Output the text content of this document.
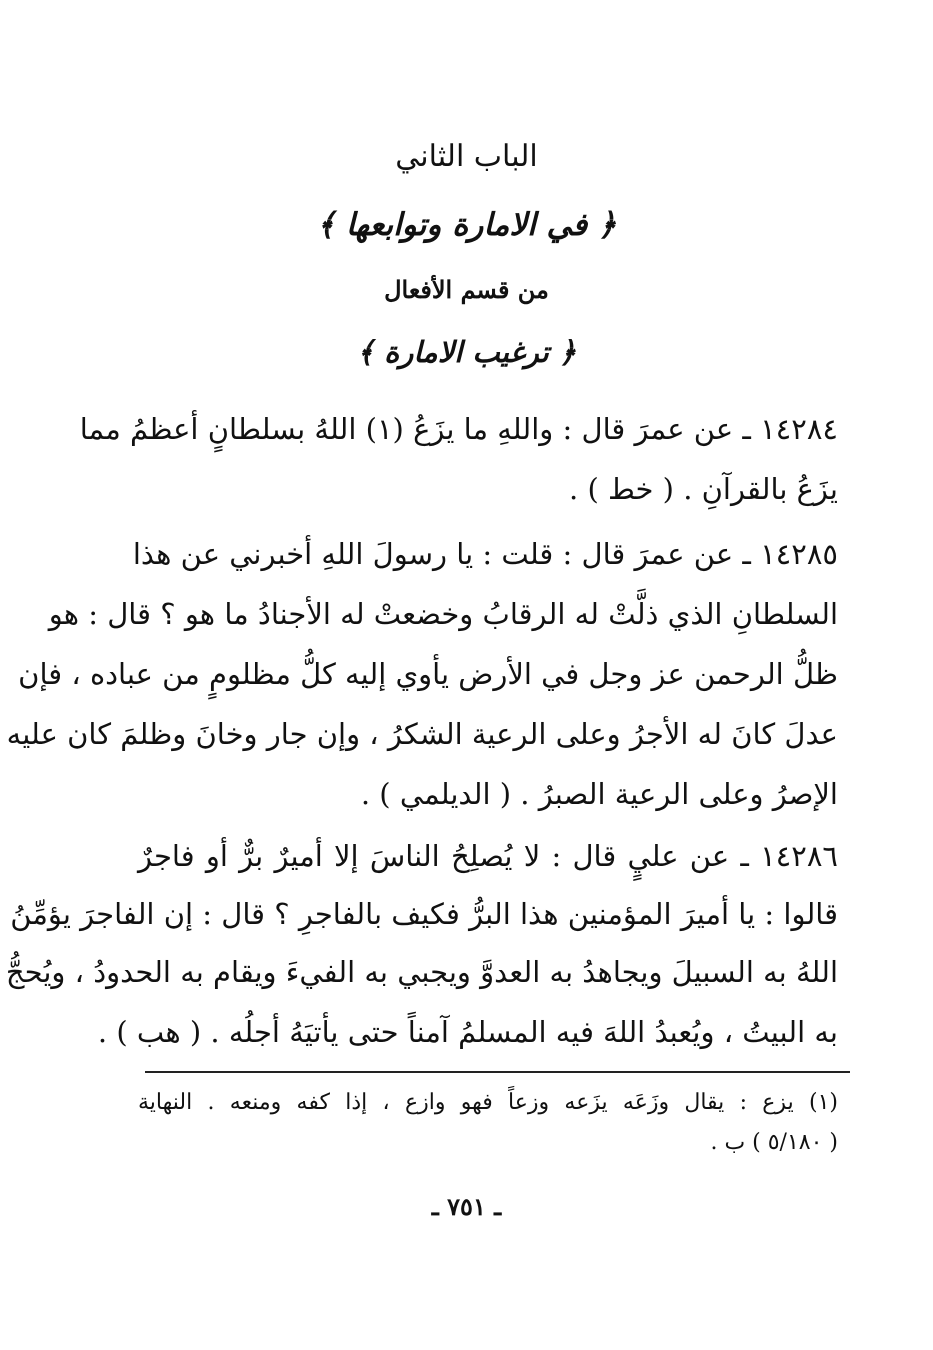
الباب الثاني
﴿ في الامارة وتوابعها ﴾
من قسم الأفعال
﴿ ترغيب الامارة ﴾
١٤٢٨٤ ـ عن عمرَ قال : واللهِ ما يزَعُ (١) اللهُ بسلطانٍ أعظمُ مما
يزَعُ بالقرآنِ . ( خط ) .
١٤٢٨٥ ـ عن عمرَ قال : قلت : يا رسولَ اللهِ أخبرني عن هذا
السلطانِ الذي ذلَّتْ له الرقابُ وخضعتْ له الأجنادُ ما هو ؟ قال : هو
ظلُّ الرحمن عز وجل في الأرض يأوي إليه كلُّ مظلومٍ من عباده ، فإن
عدلَ كانَ له الأجرُ وعلى الرعية الشكرُ ، وإن جار وخانَ وظلمَ كان عليه
الإصرُ وعلى الرعية الصبرُ . ( الديلمي ) .
١٤٢٨٦ ـ عن عليٍ قال : لا يُصلِحُ الناسَ إلا أميرٌ برٌّ أو فاجرٌ
قالوا : يا أميرَ المؤمنين هذا البرُّ فكيف بالفاجرِ ؟ قال : إن الفاجرَ يؤمِّنُ
اللهُ به السبيلَ ويجاهدُ به العدوَّ ويجبي به الفيءَ ويقام به الحدودُ ، ويُحجُّ
به البيتُ ، ويُعبدُ اللهَ فيه المسلمُ آمناً حتى يأتيَهُ أجلُه . ( هب ) .
(١) يزع : يقال وزَعَه يزَعه وزعاً فهو وازع ، إذا كفه ومنعه . النهاية
( ٥/١٨٠ ) ب .
ـ ٧٥١ ـ
